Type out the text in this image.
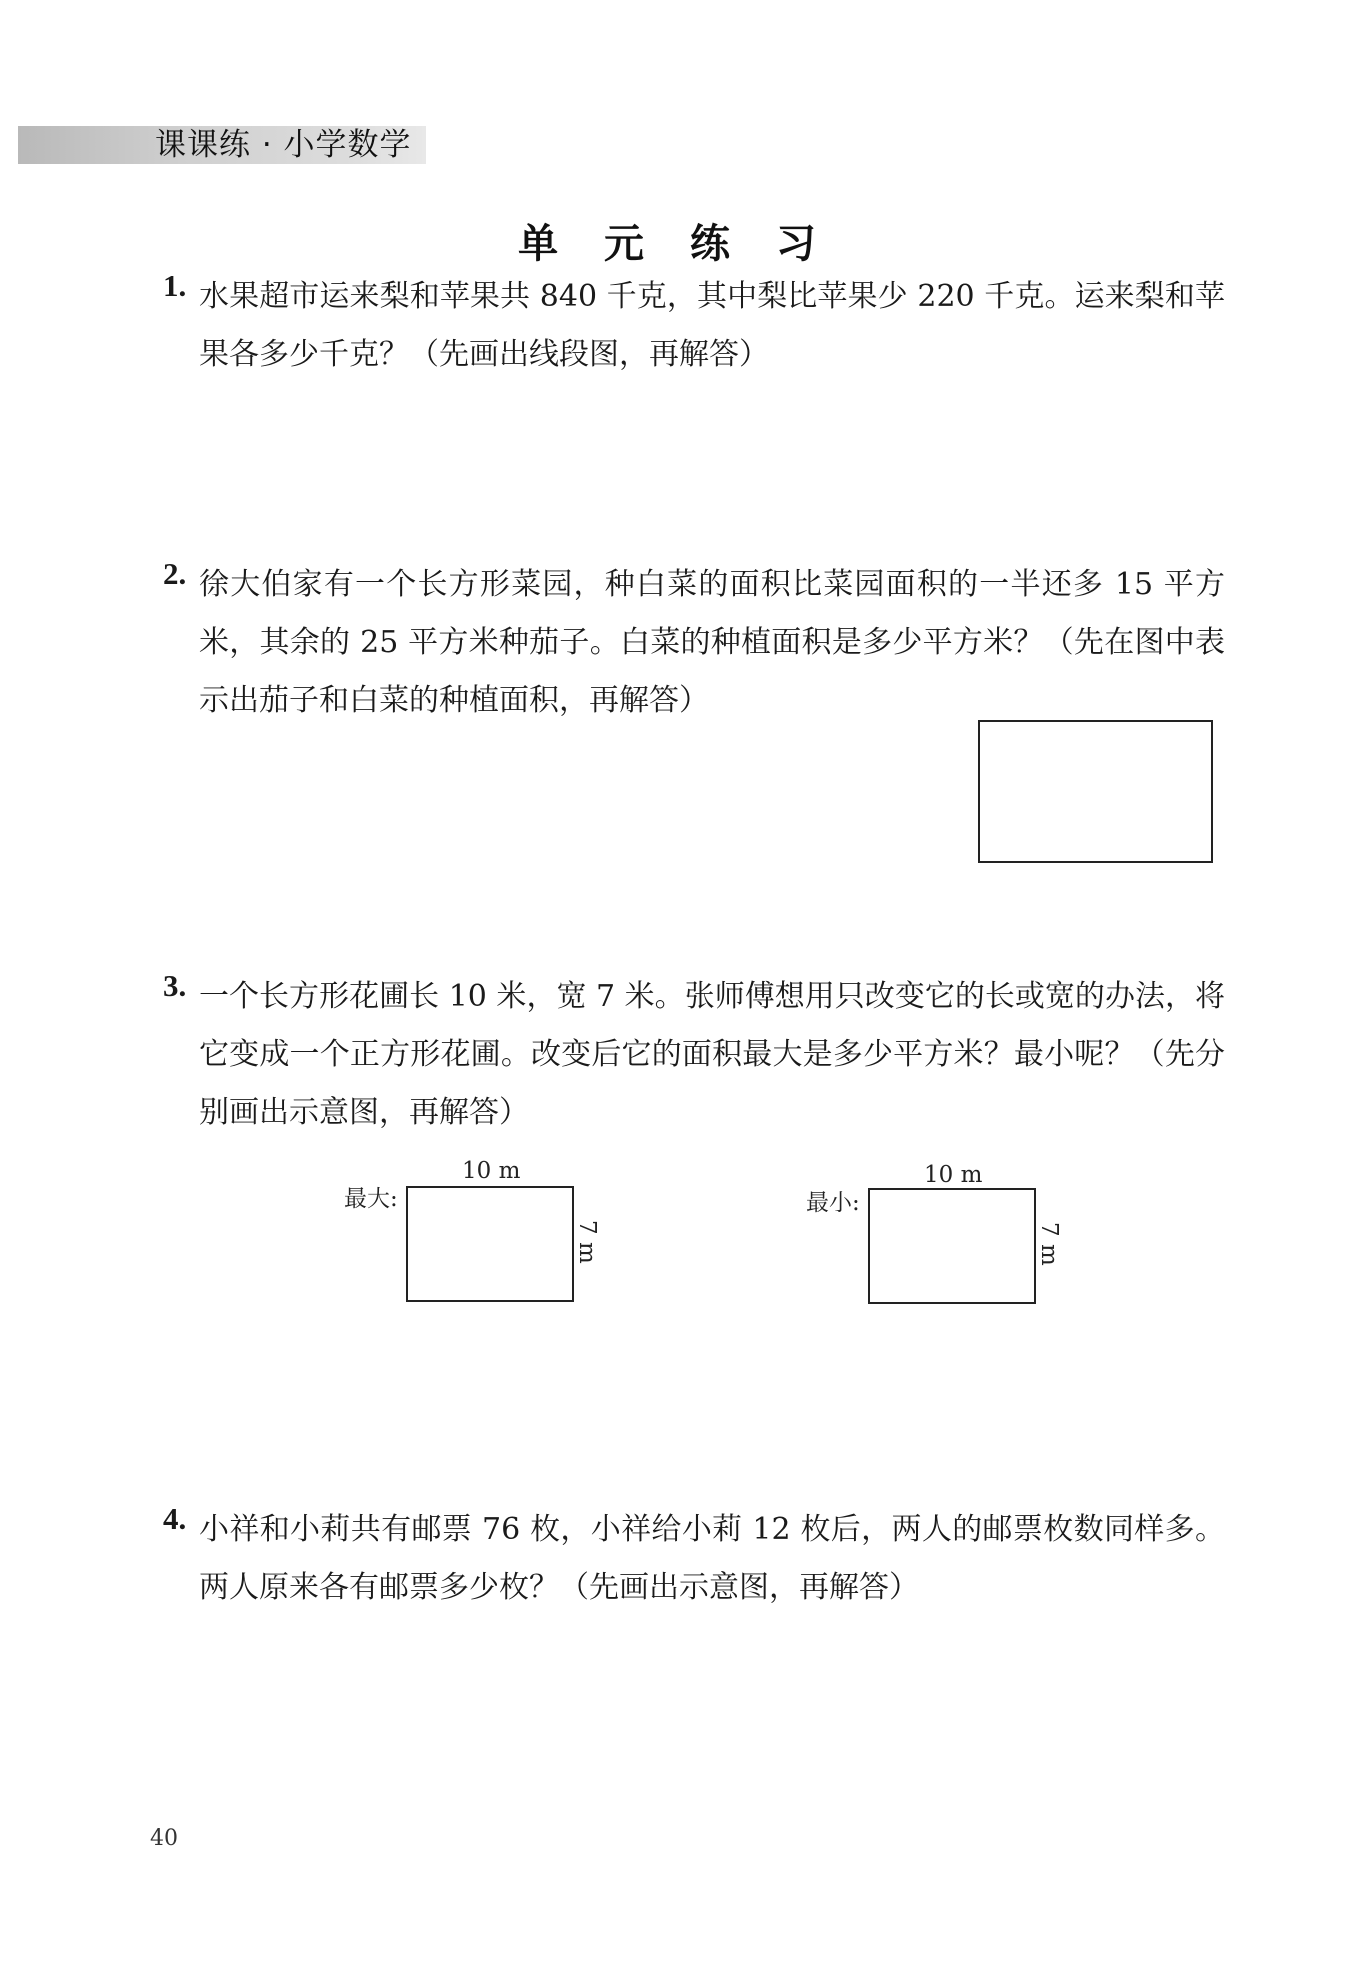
课课练 · 小学数学
单 元 练 习
1. 水果超市运来梨和苹果共 840 千克，其中梨比苹果少 220 千克。运来梨和苹果各多少千克？（先画出线段图，再解答）
2. 徐大伯家有一个长方形菜园，种白菜的面积比菜园面积的一半还多 15 平方米，其余的 25 平方米种茄子。白菜的种植面积是多少平方米？（先在图中表示出茄子和白菜的种植面积，再解答）
3. 一个长方形花圃长 10 米，宽 7 米。张师傅想用只改变它的长或宽的办法，将它变成一个正方形花圃。改变后它的面积最大是多少平方米？最小呢？（先分别画出示意图，再解答）
最大:
10 m
7 m
最小:
10 m
7 m
4. 小祥和小莉共有邮票 76 枚，小祥给小莉 12 枚后，两人的邮票枚数同样多。两人原来各有邮票多少枚？（先画出示意图，再解答）
40
